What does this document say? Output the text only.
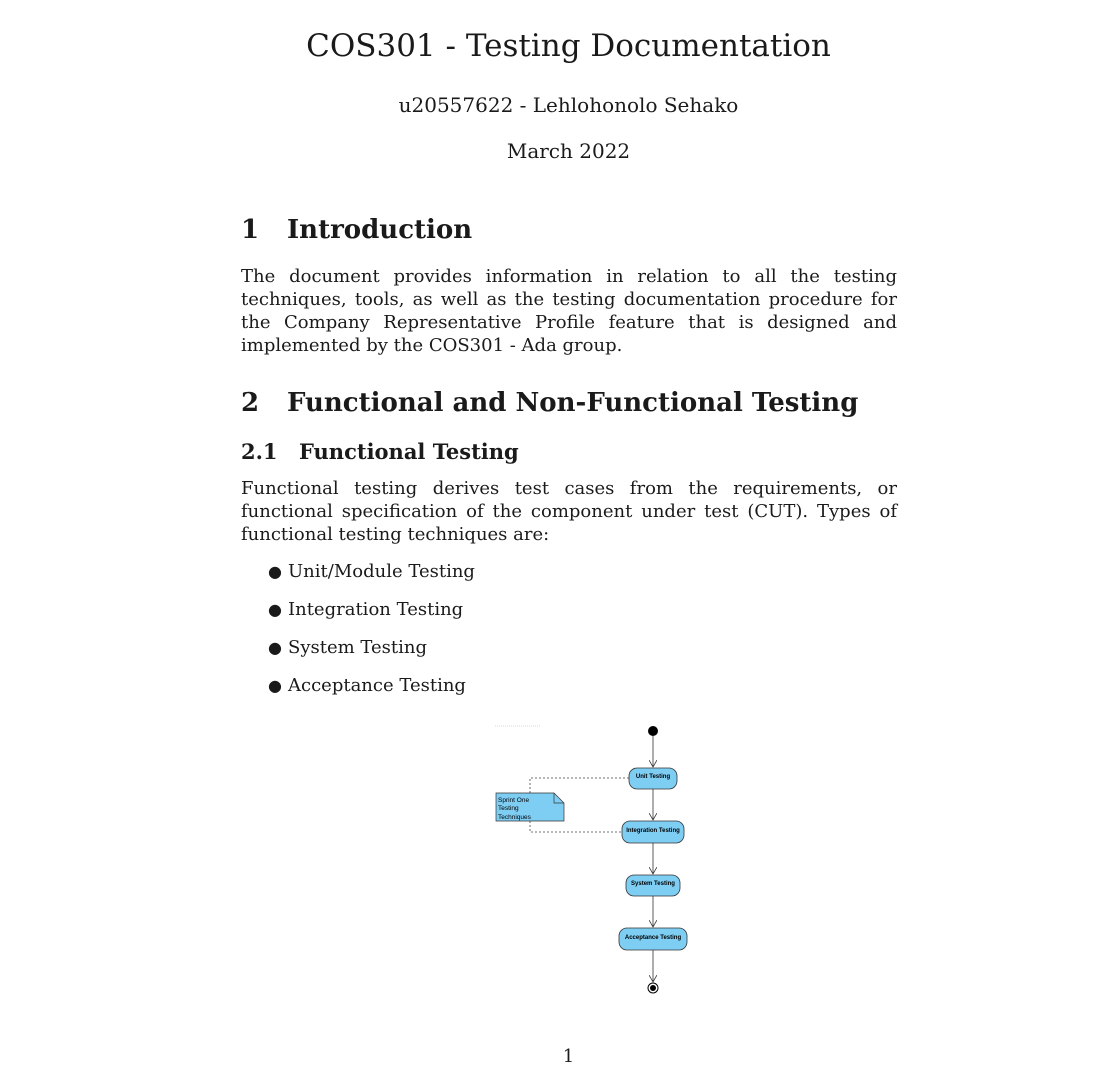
COS301 - Testing Documentation
u20557622 - Lehlohonolo Sehako
March 2022
1 Introduction

The document provides information in relation to all the testing techniques, tools, as well as the testing documentation procedure for the Company Representative Profile feature that is designed and implemented by the COS301 - Ada group.

2 Functional and Non-Functional Testing
2.1 Functional Testing

Functional testing derives test cases from the requirements, or functional specification of the component under test (CUT). Types of functional testing techniques are:

● Unit/Module Testing
● Integration Testing
● System Testing
● Acceptance Testing
Sprint One
Testing
Techniques
Unit Testing
Integration Testing
System Testing
Acceptance Testing
1
